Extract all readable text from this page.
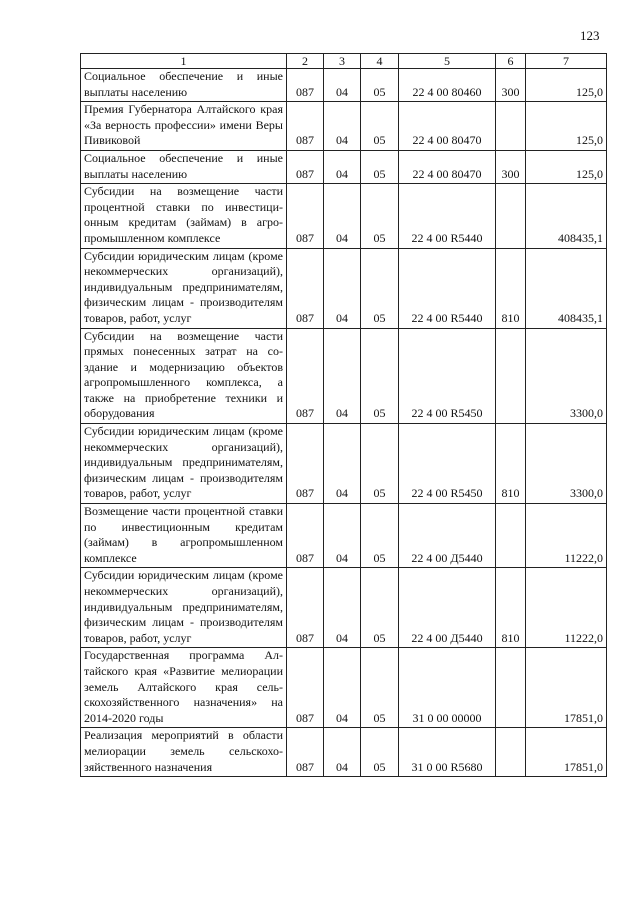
123
1	2	3	4	5	6	7
Социальное обеспечение и иные выплаты населению	087	04	05	22 4 00 80460	300	125,0
Премия Губернатора Алтайского края «За верность профессии» имени Веры Пивиковой	087	04	05	22 4 00 80470		125,0
Социальное обеспечение и иные выплаты населению	087	04	05	22 4 00 80470	300	125,0
Субсидии на возмещение части процентной ставки по инвестиционным кредитам (займам) в агропромышленном комплексе	087	04	05	22 4 00 R5440		408435,1
Субсидии юридическим лицам (кроме некоммерческих организаций), индивидуальным предпринимателям, физическим лицам - производителям товаров, работ, услуг	087	04	05	22 4 00 R5440	810	408435,1
Субсидии на возмещение части прямых понесенных затрат на создание и модернизацию объектов агропромышленного комплекса, а также на приобретение техники и оборудования	087	04	05	22 4 00 R5450		3300,0
Субсидии юридическим лицам (кроме некоммерческих организаций), индивидуальным предпринимателям, физическим лицам - производителям товаров, работ, услуг	087	04	05	22 4 00 R5450	810	3300,0
Возмещение части процентной ставки по инвестиционным кредитам (займам) в агропромышленном комплексе	087	04	05	22 4 00 Д5440		11222,0
Субсидии юридическим лицам (кроме некоммерческих организаций), индивидуальным предпринимателям, физическим лицам - производителям товаров, работ, услуг	087	04	05	22 4 00 Д5440	810	11222,0
Государственная программа Алтайского края «Развитие мелиорации земель Алтайского края сельскохозяйственного назначения» на 2014-2020 годы	087	04	05	31 0 00 00000		17851,0
Реализация мероприятий в области мелиорации земель сельскохозяйственного назначения	087	04	05	31 0 00 R5680		17851,0
